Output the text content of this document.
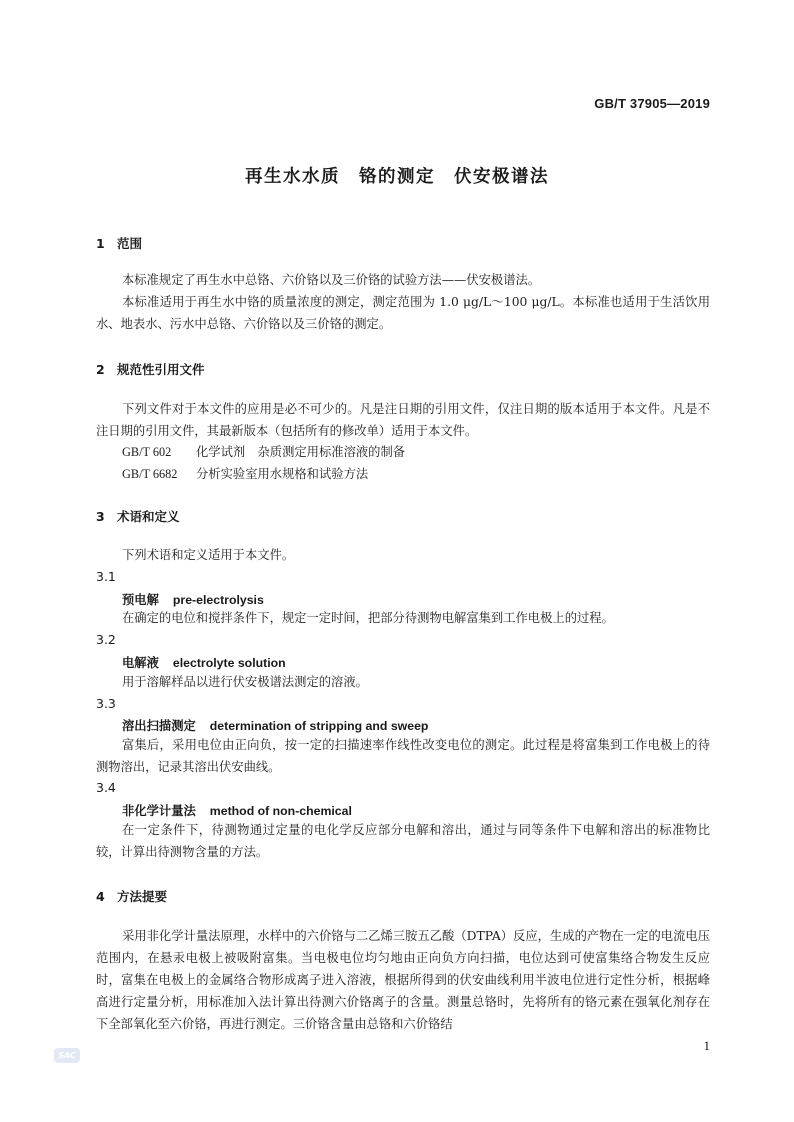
GB/T 37905—2019
再生水水质　铬的测定　伏安极谱法
1 范围
本标准规定了再生水中总铬、六价铬以及三价铬的试验方法——伏安极谱法。
本标准适用于再生水中铬的质量浓度的测定，测定范围为 1.0 μg/L～100 μg/L。本标准也适用于生活饮用水、地表水、污水中总铬、六价铬以及三价铬的测定。
2 规范性引用文件
下列文件对于本文件的应用是必不可少的。凡是注日期的引用文件，仅注日期的版本适用于本文件。凡是不注日期的引用文件，其最新版本（包括所有的修改单）适用于本文件。
GB/T 602 化学试剂　杂质测定用标准溶液的制备
GB/T 6682 分析实验室用水规格和试验方法
3 术语和定义
下列术语和定义适用于本文件。
3.1
预电解 pre-electrolysis
在确定的电位和搅拌条件下，规定一定时间，把部分待测物电解富集到工作电极上的过程。
3.2
电解液 electrolyte solution
用于溶解样品以进行伏安极谱法测定的溶液。
3.3
溶出扫描测定 determination of stripping and sweep
富集后，采用电位由正向负，按一定的扫描速率作线性改变电位的测定。此过程是将富集到工作电极上的待测物溶出，记录其溶出伏安曲线。
3.4
非化学计量法 method of non-chemical
在一定条件下，待测物通过定量的电化学反应部分电解和溶出，通过与同等条件下电解和溶出的标准物比较，计算出待测物含量的方法。
4 方法提要
采用非化学计量法原理，水样中的六价铬与二乙烯三胺五乙酸（DTPA）反应，生成的产物在一定的电流电压范围内，在悬汞电极上被吸附富集。当电极电位均匀地由正向负方向扫描，电位达到可使富集络合物发生反应时，富集在电极上的金属络合物形成离子进入溶液，根据所得到的伏安曲线利用半波电位进行定性分析，根据峰高进行定量分析，用标准加入法计算出待测六价铬离子的含量。测量总铬时，先将所有的铬元素在强氧化剂存在下全部氧化至六价铬，再进行测定。三价铬含量由总铬和六价铬结
1
SAC
